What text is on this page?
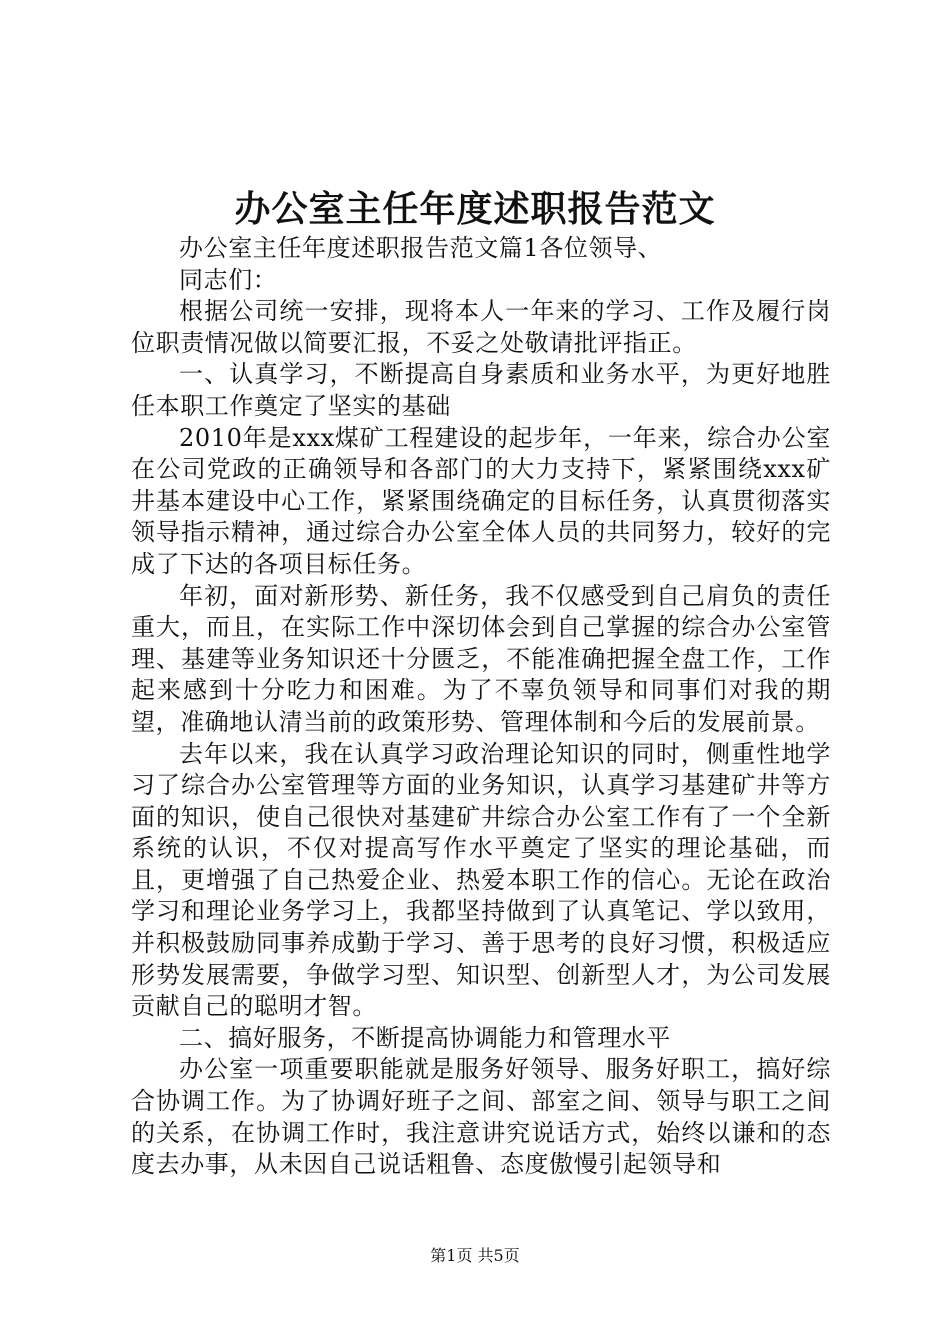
办公室主任年度述职报告范文

办公室主任年度述职报告范文篇1各位领导、

同志们：

根据公司统一安排，现将本人一年来的学习、工作及履行岗位职责情况做以简要汇报，不妥之处敬请批评指正。

一、认真学习，不断提高自身素质和业务水平，为更好地胜任本职工作奠定了坚实的基础

2010年是xxx煤矿工程建设的起步年，一年来，综合办公室在公司党政的正确领导和各部门的大力支持下，紧紧围绕xxx矿井基本建设中心工作，紧紧围绕确定的目标任务，认真贯彻落实领导指示精神，通过综合办公室全体人员的共同努力，较好的完成了下达的各项目标任务。

年初，面对新形势、新任务，我不仅感受到自己肩负的责任重大，而且，在实际工作中深切体会到自己掌握的综合办公室管理、基建等业务知识还十分匮乏，不能准确把握全盘工作，工作起来感到十分吃力和困难。为了不辜负领导和同事们对我的期望，准确地认清当前的政策形势、管理体制和今后的发展前景。

去年以来，我在认真学习政治理论知识的同时，侧重性地学习了综合办公室管理等方面的业务知识，认真学习基建矿井等方面的知识，使自己很快对基建矿井综合办公室工作有了一个全新系统的认识，不仅对提高写作水平奠定了坚实的理论基础，而且，更增强了自己热爱企业、热爱本职工作的信心。无论在政治学习和理论业务学习上，我都坚持做到了认真笔记、学以致用，并积极鼓励同事养成勤于学习、善于思考的良好习惯，积极适应形势发展需要，争做学习型、知识型、创新型人才，为公司发展贡献自己的聪明才智。

二、搞好服务，不断提高协调能力和管理水平

办公室一项重要职能就是服务好领导、服务好职工，搞好综合协调工作。为了协调好班子之间、部室之间、领导与职工之间的关系，在协调工作时，我注意讲究说话方式，始终以谦和的态度去办事，从未因自己说话粗鲁、态度傲慢引起领导和

第1页 共5页
